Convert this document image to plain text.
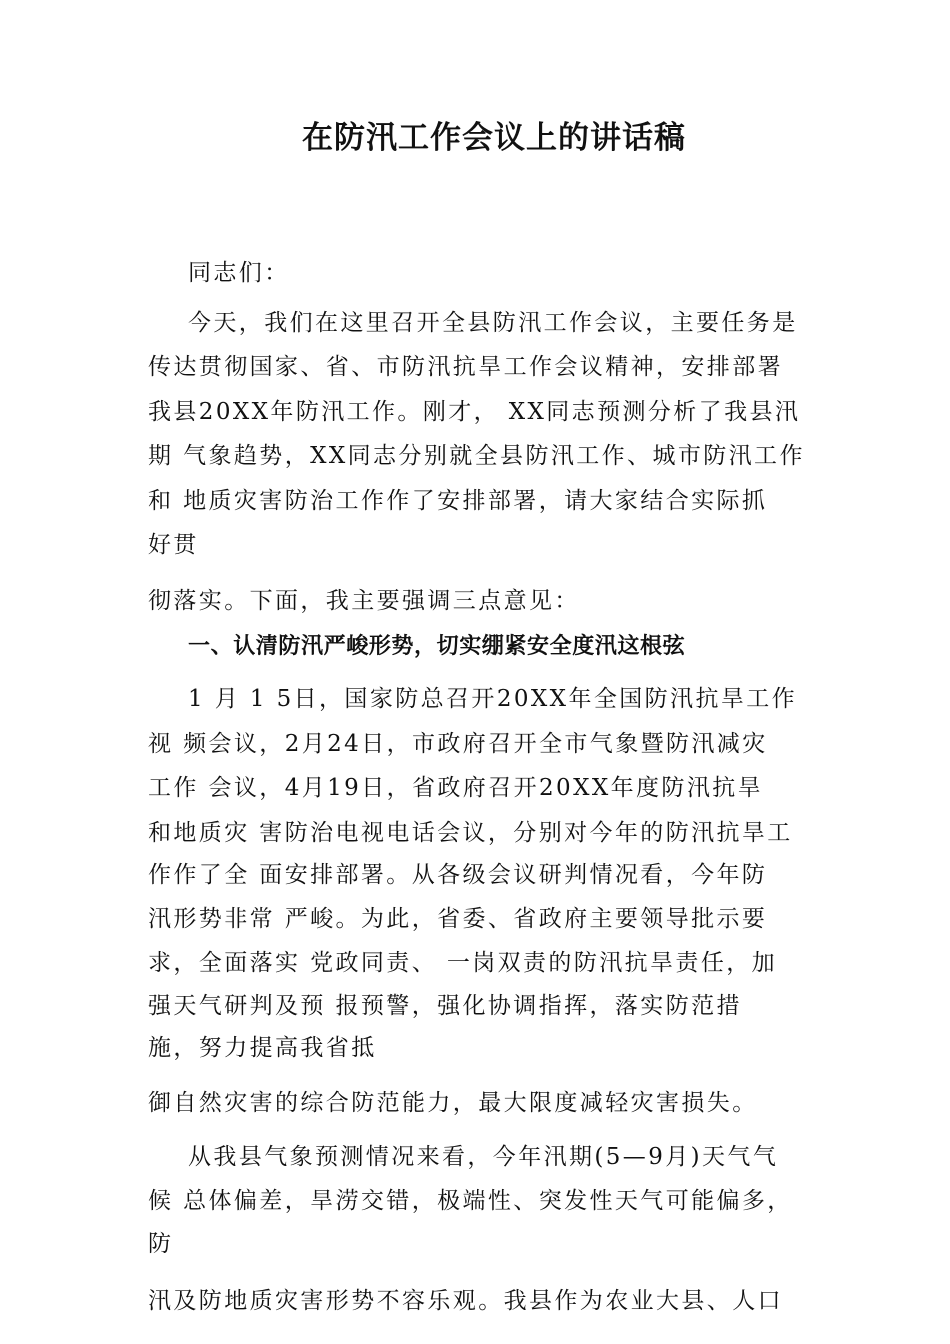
在防汛工作会议上的讲话稿
同志们：
今天，我们在这里召开全县防汛工作会议，主要任务是
传达贯彻国家、省、市防汛抗旱工作会议精神，安排部署
我县20XX年防汛工作。刚才， XX同志预测分析了我县汛
期 气象趋势，XX同志分别就全县防汛工作、城市防汛工作
和 地质灾害防治工作作了安排部署，请大家结合实际抓
好贯
彻落实。下面，我主要强调三点意见：
一、认清防汛严峻形势，切实绷紧安全度汛这根弦
1 月 1 5日，国家防总召开20XX年全国防汛抗旱工作
视 频会议，2月24日，市政府召开全市气象暨防汛减灾
工作 会议，4月19日，省政府召开20XX年度防汛抗旱
和地质灾 害防治电视电话会议，分别对今年的防汛抗旱工
作作了全 面安排部署。从各级会议研判情况看，今年防
汛形势非常 严峻。为此，省委、省政府主要领导批示要
求，全面落实 党政同责、 一岗双责的防汛抗旱责任，加
强天气研判及预 报预警，强化协调指挥，落实防范措
施，努力提高我省抵
御自然灾害的综合防范能力，最大限度减轻灾害损失。
从我县气象预测情况来看，今年汛期(5—9月)天气气
候 总体偏差，旱涝交错，极端性、突发性天气可能偏多，
防
汛及防地质灾害形势不容乐观。我县作为农业大县、人口
